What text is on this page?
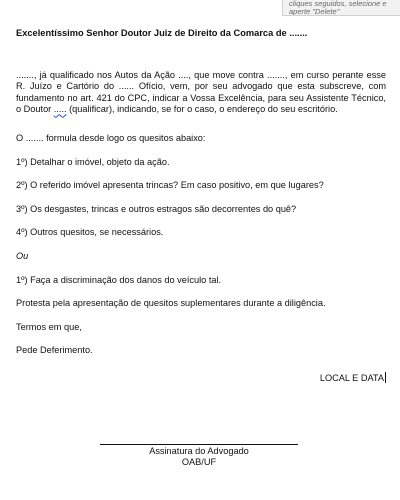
cliques seguidos, selecione e
aperte "Delete"
Excelentíssimo Senhor Doutor Juiz de Direito da Comarca de .......

......., já qualificado nos Autos da Ação ...., que move contra ......., em curso perante esse R. Juízo e Cartório do ...... Ofício, vem, por seu advogado que esta subscreve, com fundamento no art. 421 do CPC, indicar a Vossa Excelência, para seu Assistente Técnico, o Doutor ..... (qualificar), indicando, se for o caso, o endereço do seu escritório.

O ....... formula desde logo os quesitos abaixo:

1º) Detalhar o imóvel, objeto da ação.

2º) O referido imóvel apresenta trincas? Em caso positivo, em que lugares?

3º) Os desgastes, trincas e outros estragos são decorrentes do quê?

4º) Outros quesitos, se necessários.

Ou

1º) Faça a discriminação dos danos do veículo tal.

Protesta pela apresentação de quesitos suplementares durante a diligência.

Termos em que,

Pede Deferimento.

LOCAL E DATA
Assinatura do Advogado
OAB/UF
